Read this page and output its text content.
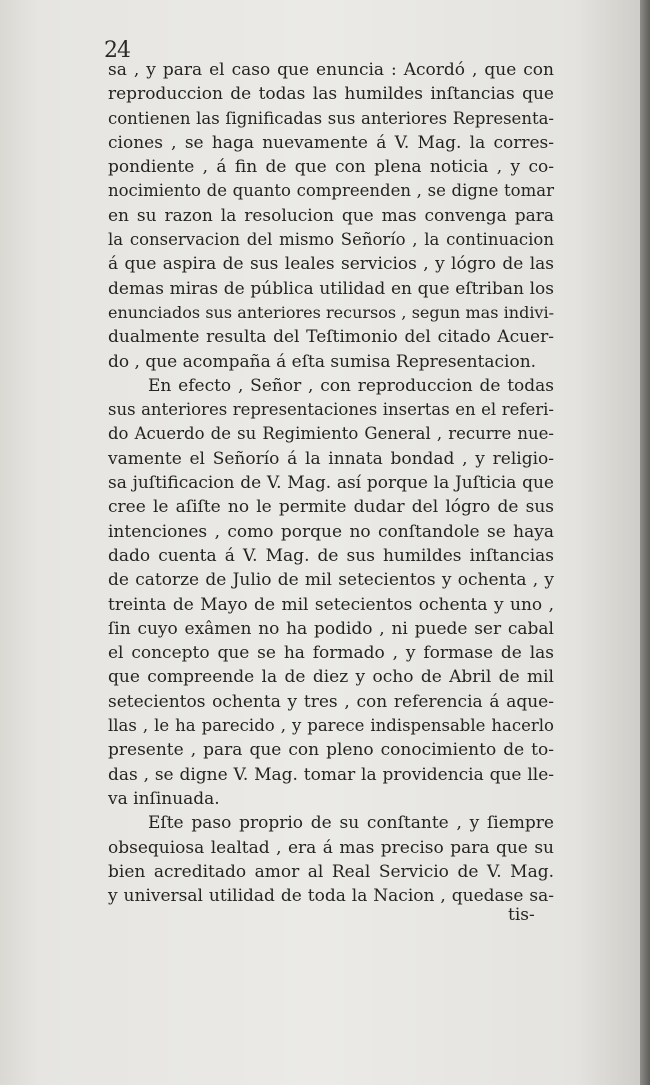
24
sa , y para el caso que enuncia : Acordó , que con
reproduccion de todas las humildes inſtancias que
contienen las ſignificadas sus anteriores Representa-
ciones , se haga nuevamente á V. Mag. la corres-
pondiente , á fin de que con plena noticia , y co-
nocimiento de quanto compreenden , se digne tomar
en su razon la resolucion que mas convenga para
la conservacion del mismo Señorío , la continuacion
á que aspira de sus leales servicios , y lógro de las
demas miras de pública utilidad en que eſtriban los
enunciados sus anteriores recursos , segun mas indivi-
dualmente resulta del Teſtimonio del citado Acuer-
do , que acompaña á eſta sumisa Representacion.
En efecto , Señor , con reproduccion de todas
sus anteriores representaciones insertas en el referi-
do Acuerdo de su Regimiento General , recurre nue-
vamente el Señorío á la innata bondad , y religio-
sa juſtificacion de V. Mag. así porque la Juſticia que
cree le aſiſte no le permite dudar del lógro de sus
intenciones , como porque no conſtandole se haya
dado cuenta á V. Mag. de sus humildes inſtancias
de catorze de Julio de mil setecientos y ochenta , y
treinta de Mayo de mil setecientos ochenta y uno ,
ſin cuyo exâmen no ha podido , ni puede ser cabal
el concepto que se ha formado , y formase de las
que compreende la de diez y ocho de Abril de mil
setecientos ochenta y tres , con referencia á aque-
llas , le ha parecido , y parece indispensable hacerlo
presente , para que con pleno conocimiento de to-
das , se digne V. Mag. tomar la providencia que lle-
va inſinuada.
Eſte paso proprio de su conſtante , y ſiempre
obsequiosa lealtad , era á mas preciso para que su
bien acreditado amor al Real Servicio de V. Mag.
y universal utilidad de toda la Nacion , quedase sa-
tis-
